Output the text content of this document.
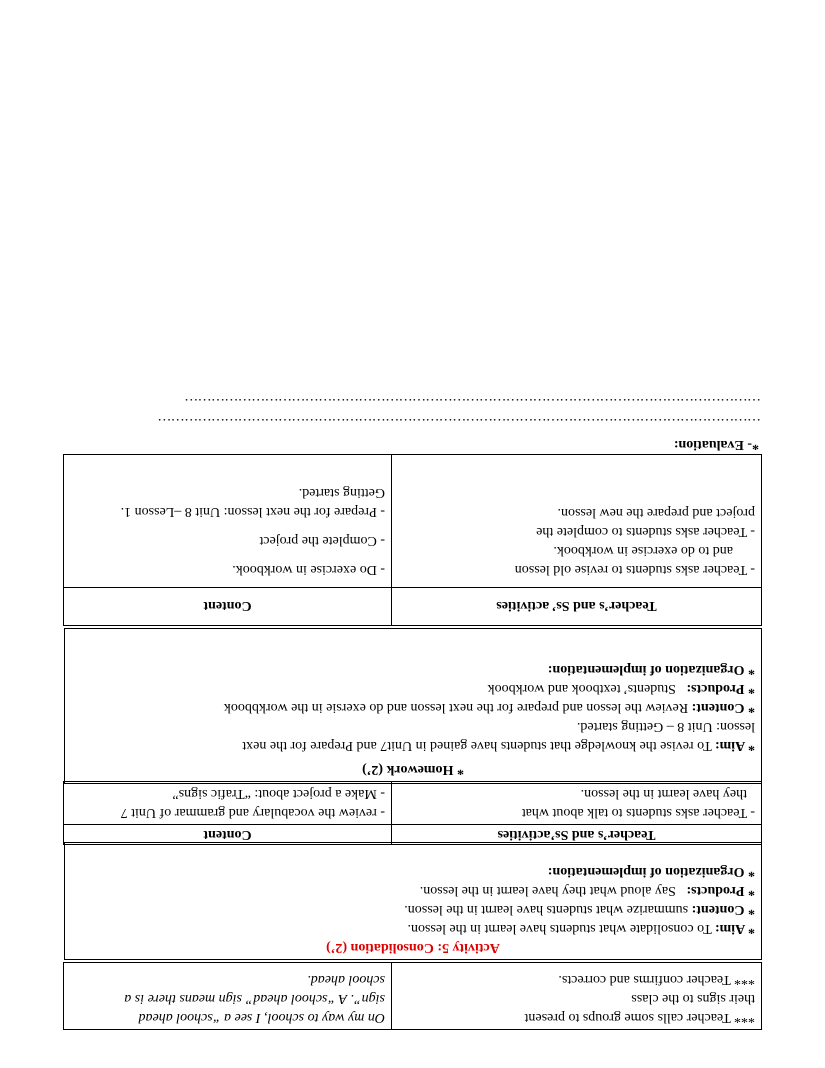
*** Teacher calls some groups to present
their signs to the class
*** Teacher confirms and corrects.

On my way to school, I see a “school ahead
sign”. A “school ahead” sign means there is a
school ahead.
Activity 5: Consolidation (2’)
* Aim: To consolidate what students have learnt in the lesson.
* Content: summarize what students have learnt in the lesson.
* Products:   Say aloud what they have learnt in the lesson.
* Organization of implementation:
Teacher’s and Ss’activities	Content

- Teacher asks students to talk about what
they have learnt in the lesson.	- review the vocabulary and grammar of Unit 7
- Make a project about: “Trafic signs”
* Homework (2’)
* Aim: To revise the knowledge that students have gained in Unit7 and Prepare for the next
lesson: Unit 8 – Getting started.
* Content: Review the lesson and prepare for the next lesson and do exersie in the workbbook
* Products:   Students’ textbook and workbook
* Organization of implementation:
Teacher’s and Ss’ activities	Content

- Teacher asks students to revise old lesson
and to do exercise in workbook.
- Teacher asks students to complete the
project and prepare the new lesson.	- Do exercise in workbook.
- Complete the project
- Prepare for the next lesson: Unit 8 –Lesson 1.
Getting started.
*- Evaluation:
………………………………………………………………………………………………………………………
…………………………………………………………………………………………………………………
